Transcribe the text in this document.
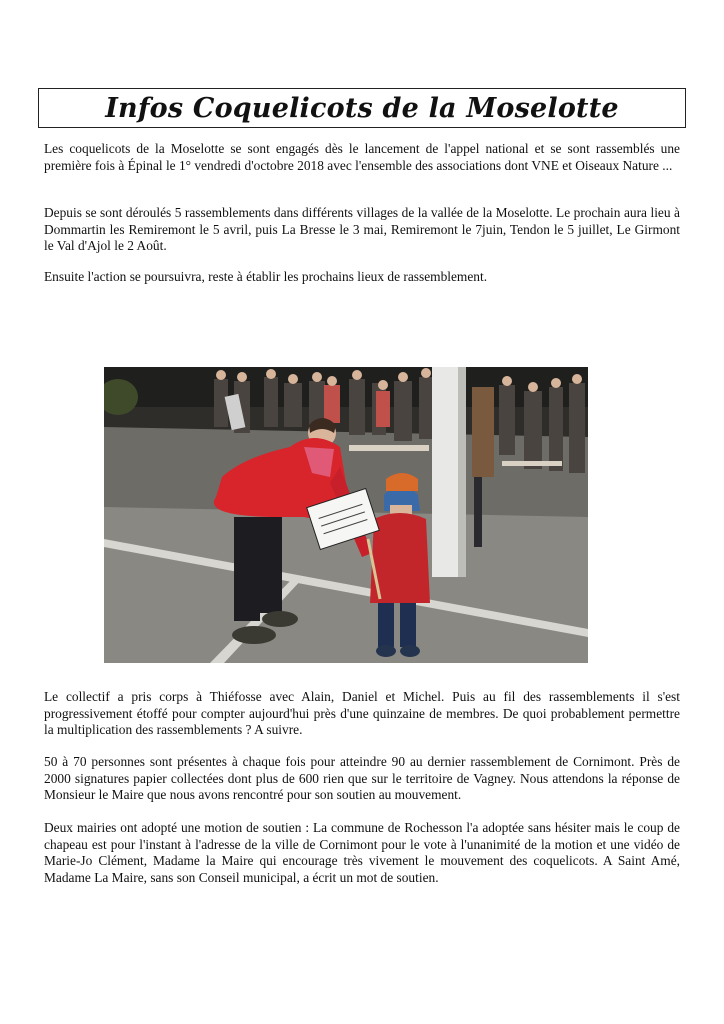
Infos Coquelicots de la Moselotte

Les coquelicots de la Moselotte se sont engagés dès le lancement de l'appel national et se sont rassemblés une première fois à Épinal le 1° vendredi d'octobre 2018 avec l'ensemble des associations dont VNE et Oiseaux Nature ...

Depuis se sont déroulés 5 rassemblements dans différents villages de la vallée de la Moselotte. Le prochain aura lieu à Dommartin les Remiremont le 5 avril, puis La Bresse le 3 mai, Remiremont le 7juin, Tendon le 5 juillet, Le Girmont le Val d'Ajol le 2 Août.

Ensuite l'action se poursuivra, reste à établir les prochains lieux de rassemblement.

Le collectif a pris corps à Thiéfosse avec Alain, Daniel et Michel. Puis au fil des rassemblements il s'est progressivement étoffé pour compter aujourd'hui près d'une quinzaine de membres. De quoi probablement permettre la multiplication des rassemblements ? A suivre.

50 à 70 personnes sont présentes à chaque fois pour atteindre 90 au dernier rassemblement de Cornimont. Près de 2000 signatures papier collectées dont plus de 600 rien que sur le territoire de Vagney. Nous attendons la réponse de Monsieur le Maire que nous avons rencontré pour son soutien au mouvement.

Deux mairies ont adopté une motion de soutien : La commune de Rochesson l'a adoptée sans hésiter mais le coup de chapeau est pour l'instant à l'adresse de la ville de Cornimont pour le vote à l'unanimité de la motion et une vidéo de Marie-Jo Clément, Madame la Maire qui encourage très vivement le mouvement des coquelicots. A Saint Amé, Madame La Maire, sans son Conseil municipal, a écrit un mot de soutien.
